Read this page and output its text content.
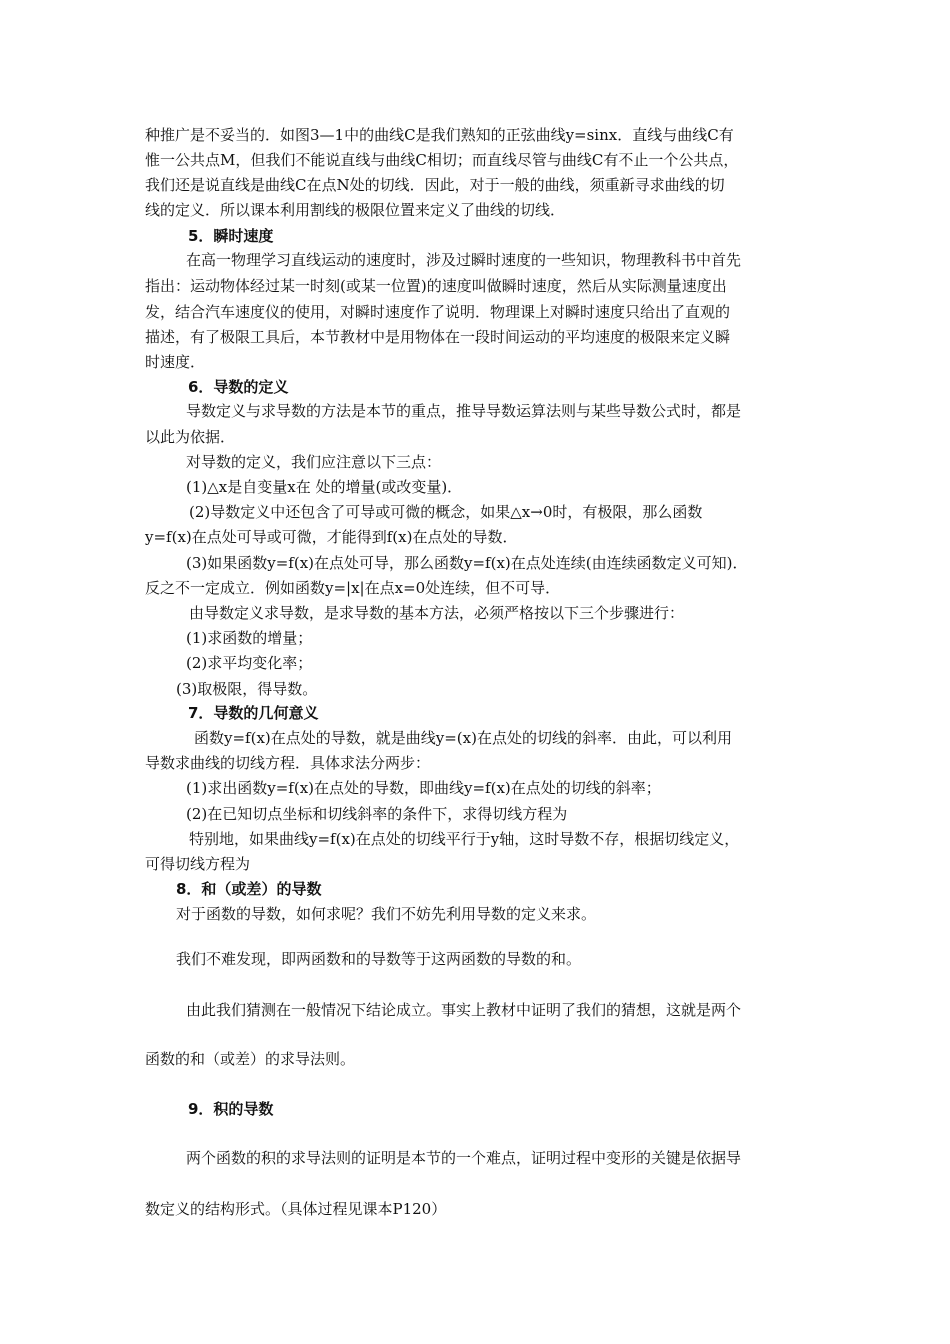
种推广是不妥当的．如图3—1中的曲线C是我们熟知的正弦曲线y=sinx．直线与曲线C有

惟一公共点M，但我们不能说直线与曲线C相切；而直线尽管与曲线C有不止一个公共点，

我们还是说直线是曲线C在点N处的切线．因此，对于一般的曲线，须重新寻求曲线的切

线的定义．所以课本利用割线的极限位置来定义了曲线的切线．

5．瞬时速度

在高一物理学习直线运动的速度时，涉及过瞬时速度的一些知识，物理教科书中首先

指出：运动物体经过某一时刻(或某一位置)的速度叫做瞬时速度，然后从实际测量速度出

发，结合汽车速度仪的使用，对瞬时速度作了说明．物理课上对瞬时速度只给出了直观的

描述，有了极限工具后，本节教材中是用物体在一段时间运动的平均速度的极限来定义瞬

时速度．

6．导数的定义

导数定义与求导数的方法是本节的重点，推导导数运算法则与某些导数公式时，都是

以此为依据．

对导数的定义，我们应注意以下三点：

(1)△x是自变量x在 处的增量(或改变量)．

(2)导数定义中还包含了可导或可微的概念，如果△x→0时，有极限，那么函数

y=f(x)在点处可导或可微，才能得到f(x)在点处的导数．

(3)如果函数y=f(x)在点处可导，那么函数y=f(x)在点处连续(由连续函数定义可知)．

反之不一定成立．例如函数y=|x|在点x=0处连续，但不可导．

由导数定义求导数，是求导数的基本方法，必须严格按以下三个步骤进行：

(1)求函数的增量；

(2)求平均变化率；

(3)取极限，得导数。

7．导数的几何意义

函数y=f(x)在点处的导数，就是曲线y=(x)在点处的切线的斜率．由此，可以利用

导数求曲线的切线方程．具体求法分两步：

(1)求出函数y=f(x)在点处的导数，即曲线y=f(x)在点处的切线的斜率；

(2)在已知切点坐标和切线斜率的条件下，求得切线方程为

特别地，如果曲线y=f(x)在点处的切线平行于y轴，这时导数不存，根据切线定义，

可得切线方程为

8．和（或差）的导数

对于函数的导数，如何求呢？我们不妨先利用导数的定义来求。

我们不难发现，即两函数和的导数等于这两函数的导数的和。

由此我们猜测在一般情况下结论成立。事实上教材中证明了我们的猜想，这就是两个

函数的和（或差）的求导法则。

9．积的导数

两个函数的积的求导法则的证明是本节的一个难点，证明过程中变形的关键是依据导

数定义的结构形式。（具体过程见课本P120）
